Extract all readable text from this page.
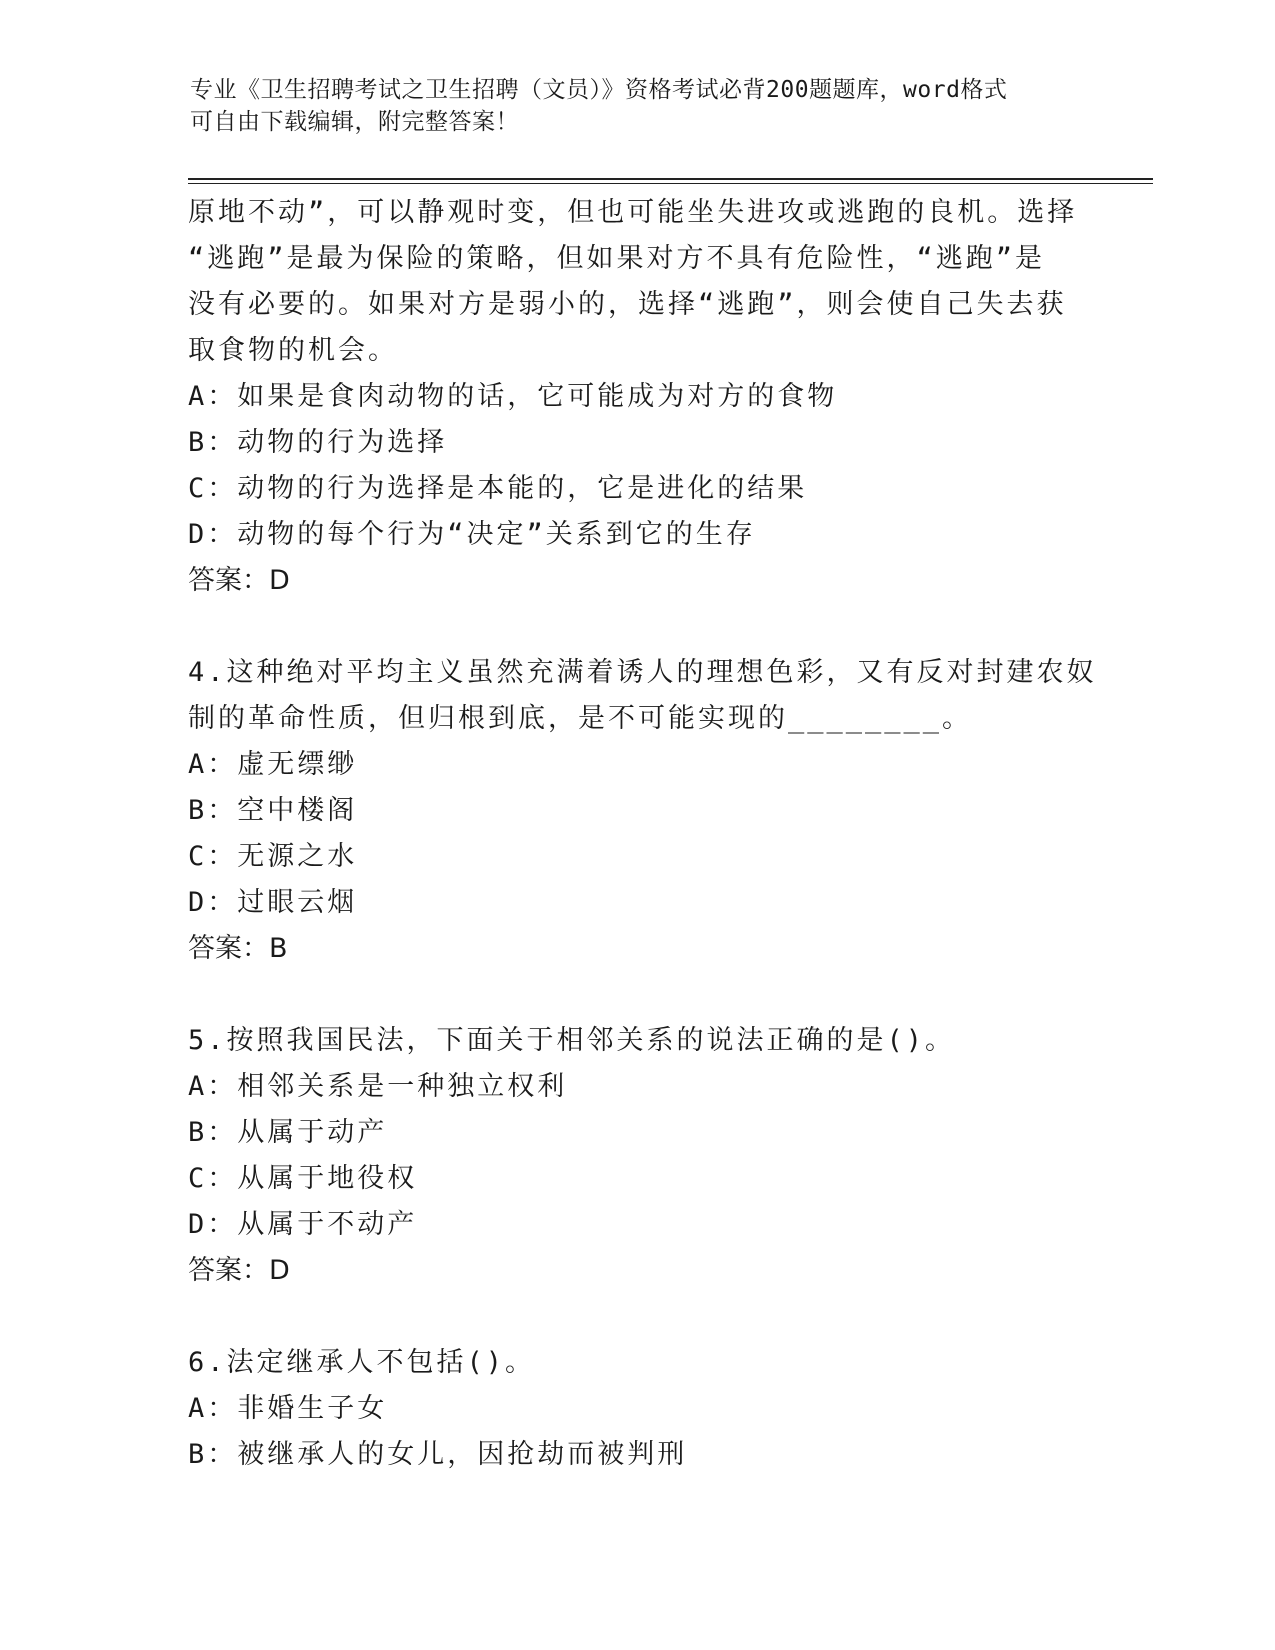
专业《卫生招聘考试之卫生招聘（文员）》资格考试必背200题题库，word格式
可自由下载编辑，附完整答案！
原地不动”，可以静观时变，但也可能坐失进攻或逃跑的良机。选择
“逃跑”是最为保险的策略，但如果对方不具有危险性，“逃跑”是
没有必要的。如果对方是弱小的，选择“逃跑”，则会使自己失去获
取食物的机会。
A：如果是食肉动物的话，它可能成为对方的食物
B：动物的行为选择
C：动物的行为选择是本能的，它是进化的结果
D：动物的每个行为“决定”关系到它的生存
答案：D
4.这种绝对平均主义虽然充满着诱人的理想色彩，又有反对封建农奴
制的革命性质，但归根到底，是不可能实现的________。
A：虚无缥缈
B：空中楼阁
C：无源之水
D：过眼云烟
答案：B
5.按照我国民法，下面关于相邻关系的说法正确的是()。
A：相邻关系是一种独立权利
B：从属于动产
C：从属于地役权
D：从属于不动产
答案：D
6.法定继承人不包括()。
A：非婚生子女
B：被继承人的女儿，因抢劫而被判刑
